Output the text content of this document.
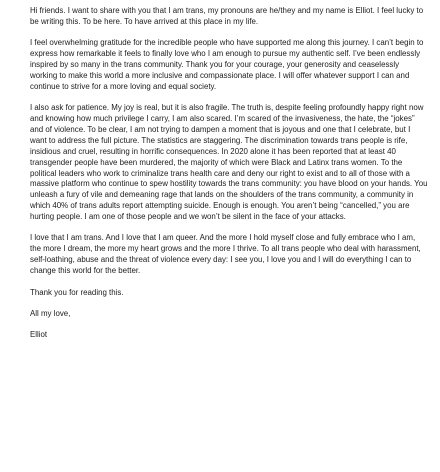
Hi friends. I want to share with you that I am trans, my pronouns are he/they and my name is Elliot. I feel lucky to be writing this. To be here. To have arrived at this place in my life.

I feel overwhelming gratitude for the incredible people who have supported me along this journey. I can’t begin to express how remarkable it feels to finally love who I am enough to pursue my authentic self. I’ve been endlessly inspired by so many in the trans community. Thank you for your courage, your generosity and ceaselessly working to make this world a more inclusive and compassionate place. I will offer whatever support I can and continue to strive for a more loving and equal society.

I also ask for patience. My joy is real, but it is also fragile. The truth is, despite feeling profoundly happy right now and knowing how much privilege I carry, I am also scared. I’m scared of the invasiveness, the hate, the “jokes” and of violence. To be clear, I am not trying to dampen a moment that is joyous and one that I celebrate, but I want to address the full picture. The statistics are staggering. The discrimination towards trans people is rife, insidious and cruel, resulting in horrific consequences. In 2020 alone it has been reported that at least 40 transgender people have been murdered, the majority of which were Black and Latinx trans women. To the political leaders who work to criminalize trans health care and deny our right to exist and to all of those with a massive platform who continue to spew hostility towards the trans community: you have blood on your hands. You unleash a fury of vile and demeaning rage that lands on the shoulders of the trans community, a community in which 40% of trans adults report attempting suicide. Enough is enough. You aren’t being “cancelled,” you are hurting people. I am one of those people and we won’t be silent in the face of your attacks.

I love that I am trans. And I love that I am queer. And the more I hold myself close and fully embrace who I am, the more I dream, the more my heart grows and the more I thrive. To all trans people who deal with harassment, self-loathing, abuse and the threat of violence every day: I see you, I love you and I will do everything I can to change this world for the better.

Thank you for reading this.

All my love,

Elliot
